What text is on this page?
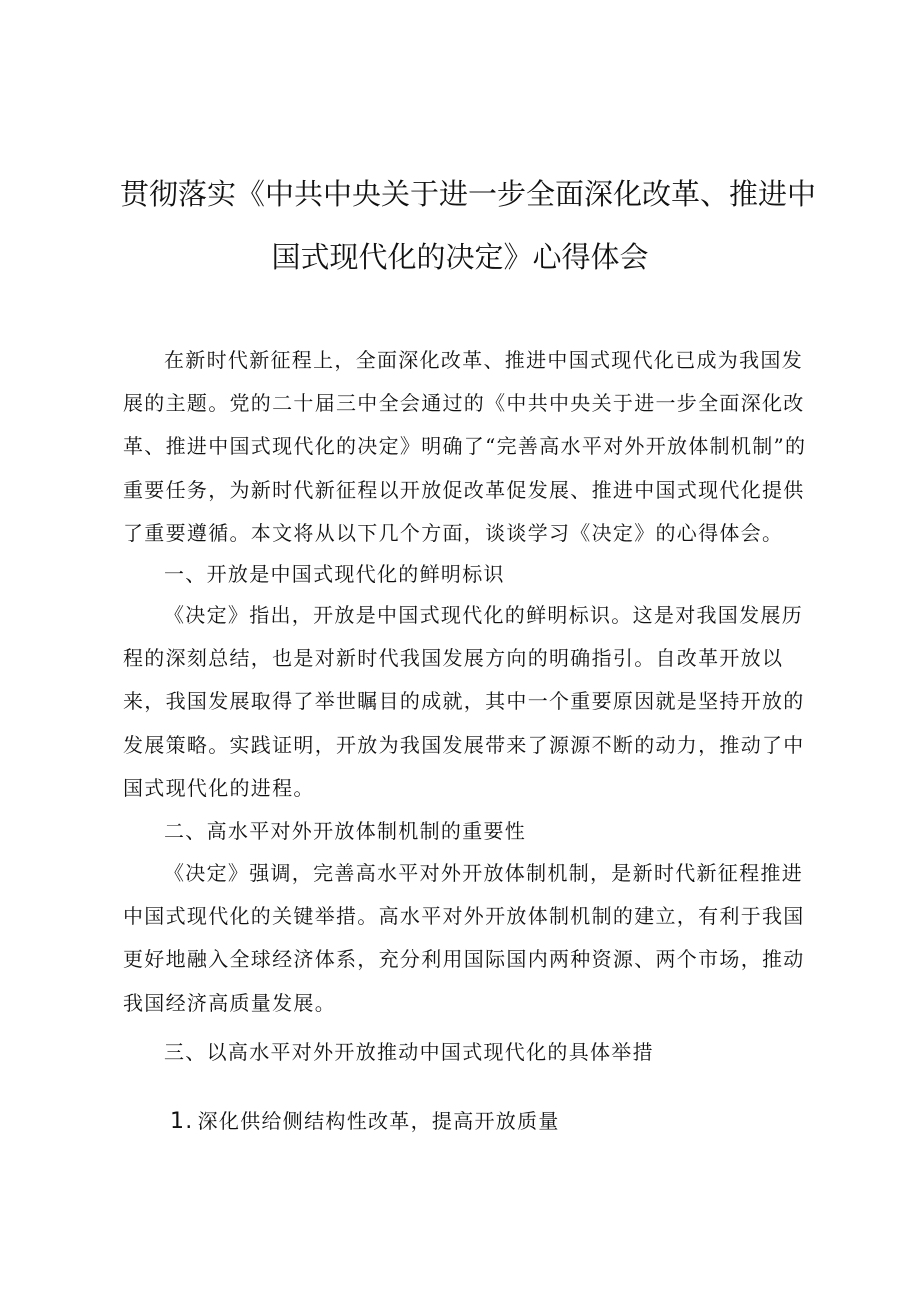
贯彻落实《中共中央关于进一步全面深化改革、推进中
国式现代化的决定》心得体会

在新时代新征程上，全面深化改革、推进中国式现代化已成为我国发展的主题。党的二十届三中全会通过的《中共中央关于进一步全面深化改革、推进中国式现代化的决定》明确了“完善高水平对外开放体制机制”的重要任务，为新时代新征程以开放促改革促发展、推进中国式现代化提供了重要遵循。本文将从以下几个方面，谈谈学习《决定》的心得体会。

一、开放是中国式现代化的鲜明标识

《决定》指出，开放是中国式现代化的鲜明标识。这是对我国发展历程的深刻总结，也是对新时代我国发展方向的明确指引。自改革开放以来，我国发展取得了举世瞩目的成就，其中一个重要原因就是坚持开放的发展策略。实践证明，开放为我国发展带来了源源不断的动力，推动了中国式现代化的进程。

二、高水平对外开放体制机制的重要性

《决定》强调，完善高水平对外开放体制机制，是新时代新征程推进中国式现代化的关键举措。高水平对外开放体制机制的建立，有利于我国更好地融入全球经济体系，充分利用国际国内两种资源、两个市场，推动我国经济高质量发展。

三、以高水平对外开放推动中国式现代化的具体举措
1. 深化供给侧结构性改革，提高开放质量
